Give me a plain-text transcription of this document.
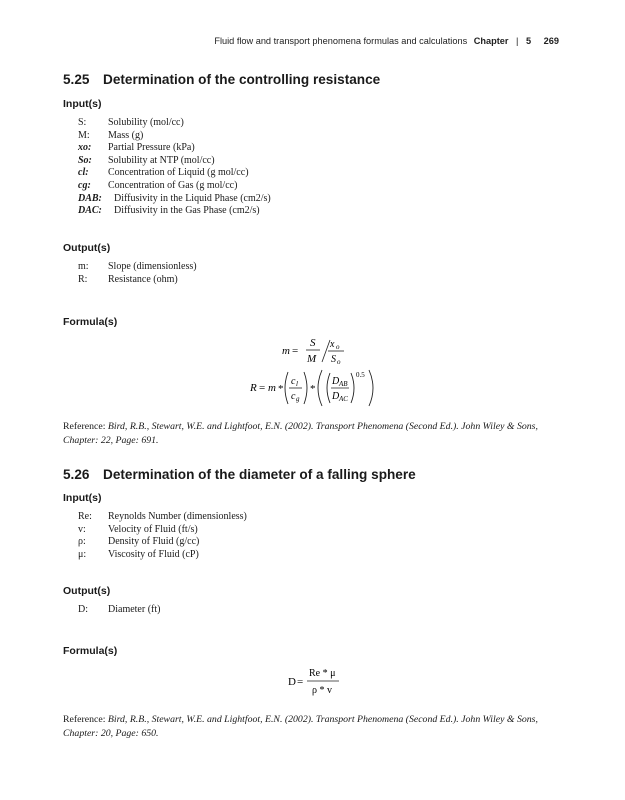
Fluid flow and transport phenomena formulas and calculations Chapter | 5 269
5.25 Determination of the controlling resistance
Input(s)
S: Solubility (mol/cc)
M: Mass (g)
xo: Partial Pressure (kPa)
So: Solubility at NTP (mol/cc)
cl: Concentration of Liquid (g mol/cc)
cg: Concentration of Gas (g mol/cc)
DAB: Diffusivity in the Liquid Phase (cm2/s)
DAC: Diffusivity in the Gas Phase (cm2/s)
Output(s)
m: Slope (dimensionless)
R: Resistance (ohm)
Formula(s)
m =
S
M
x o
S o
R = m *
c l
c g
*
D AB
D AC
0.5
Reference: Bird, R.B., Stewart, W.E. and Lightfoot, E.N. (2002). Transport Phenomena (Second Ed.). John Wiley & Sons, Chapter: 22, Page: 691.
5.26 Determination of the diameter of a falling sphere
Input(s)
Re: Reynolds Number (dimensionless)
v: Velocity of Fluid (ft/s)
ρ: Density of Fluid (g/cc)
μ: Viscosity of Fluid (cP)
Output(s)
D: Diameter (ft)
Formula(s)
D =
Re * μ
ρ * v
Reference: Bird, R.B., Stewart, W.E. and Lightfoot, E.N. (2002). Transport Phenomena (Second Ed.). John Wiley & Sons, Chapter: 20, Page: 650.
